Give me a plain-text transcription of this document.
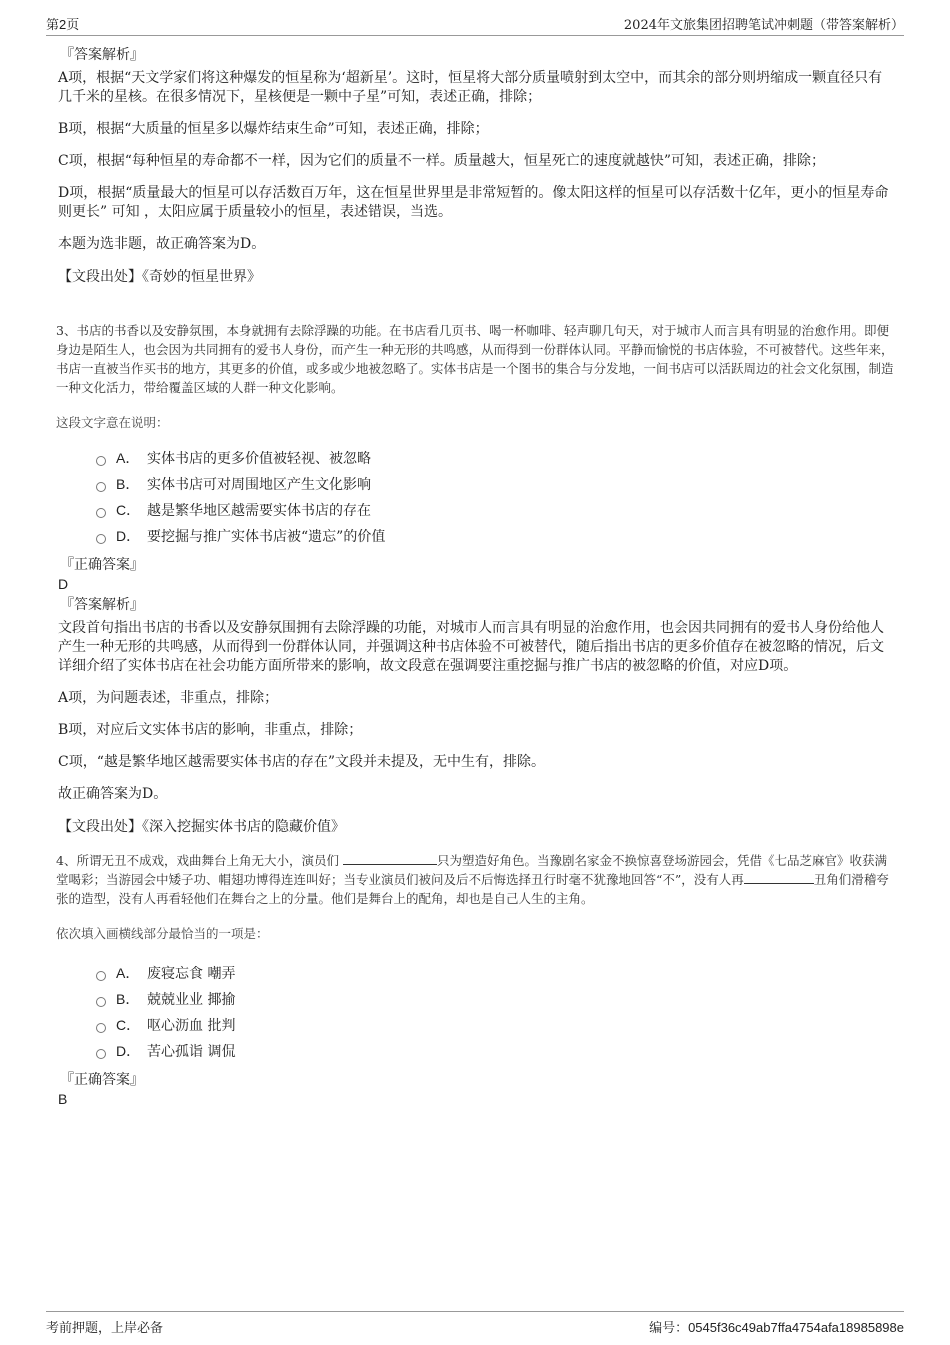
第2页	2024年文旅集团招聘笔试冲刺题（带答案解析）
『答案解析』

A项，根据“天文学家们将这种爆发的恒星称为‘超新星’。这时，恒星将大部分质量喷射到太空中，而其余的部分则坍缩成一颗直径只有几千米的星核。在很多情况下，星核便是一颗中子星”可知，表述正确，排除；

B项，根据“大质量的恒星多以爆炸结束生命”可知，表述正确，排除；

C项，根据“每种恒星的寿命都不一样，因为它们的质量不一样。质量越大，恒星死亡的速度就越快”可知，表述正确，排除；

D项，根据“质量最大的恒星可以存活数百万年，这在恒星世界里是非常短暂的。像太阳这样的恒星可以存活数十亿年，更小的恒星寿命则更长” 可知 ，太阳应属于质量较小的恒星，表述错误，当选。

本题为选非题，故正确答案为D。

【文段出处】《奇妙的恒星世界》
3、书店的书香以及安静氛围，本身就拥有去除浮躁的功能。在书店看几页书、喝一杯咖啡、轻声聊几句天，对于城市人而言具有明显的治愈作用。即便身边是陌生人，也会因为共同拥有的爱书人身份，而产生一种无形的共鸣感，从而得到一份群体认同。平静而愉悦的书店体验，不可被替代。这些年来，书店一直被当作买书的地方，其更多的价值，或多或少地被忽略了。实体书店是一个图书的集合与分发地，一间书店可以活跃周边的社会文化氛围，制造一种文化活力，带给覆盖区域的人群一种文化影响。
这段文字意在说明：
A． 实体书店的更多价值被轻视、被忽略
B． 实体书店可对周围地区产生文化影响
C． 越是繁华地区越需要实体书店的存在
D． 要挖掘与推广实体书店被“遗忘”的价值
『正确答案』
D
『答案解析』

文段首句指出书店的书香以及安静氛围拥有去除浮躁的功能，对城市人而言具有明显的治愈作用，也会因共同拥有的爱书人身份给他人产生一种无形的共鸣感，从而得到一份群体认同，并强调这种书店体验不可被替代，随后指出书店的更多价值存在被忽略的情况，后文详细介绍了实体书店在社会功能方面所带来的影响，故文段意在强调要注重挖掘与推广书店的被忽略的价值，对应D项。

A项，为问题表述，非重点，排除；

B项，对应后文实体书店的影响，非重点，排除；

C项，“越是繁华地区越需要实体书店的存在”文段并未提及，无中生有，排除。

故正确答案为D。

【文段出处】《深入挖掘实体书店的隐藏价值》
4、所谓无丑不成戏，戏曲舞台上角无大小，演员们	只为塑造好角色。当豫剧名家金不换惊喜登场游园会，凭借《七品芝麻官》收获满堂喝彩；当游园会中矮子功、帽翅功博得连连叫好；当专业演员们被问及后不后悔选择丑行时毫不犹豫地回答“不”，没有人再	丑角们滑稽夸张的造型，没有人再看轻他们在舞台之上的分量。他们是舞台上的配角，却也是自己人生的主角。
依次填入画横线部分最恰当的一项是：
A． 废寝忘食 嘲弄
B． 兢兢业业 揶揄
C． 呕心沥血 批判
D． 苦心孤诣 调侃
『正确答案』
B
考前押题，上岸必备	编号：0545f36c49ab7ffa4754afa18985898e
